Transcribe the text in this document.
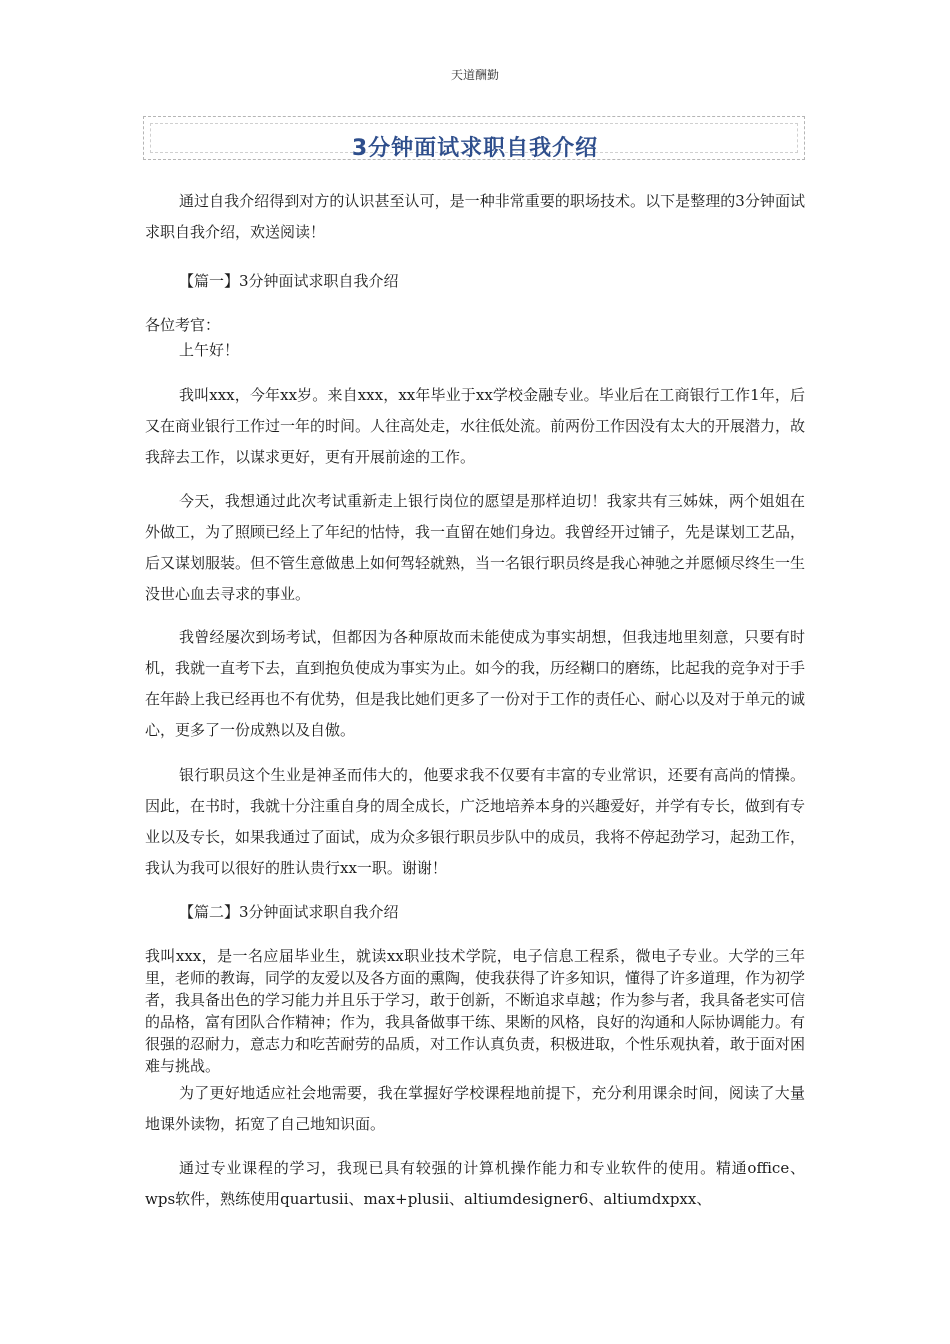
天道酬勤
3分钟面试求职自我介绍

通过自我介绍得到对方的认识甚至认可，是一种非常重要的职场技术。以下是整理的3分钟面试求职自我介绍，欢送阅读！

【篇一】3分钟面试求职自我介绍

各位考官：

上午好！

我叫xxx，今年xx岁。来自xxx，xx年毕业于xx学校金融专业。毕业后在工商银行工作1年，后又在商业银行工作过一年的时间。人往高处走，水往低处流。前两份工作因没有太大的开展潜力，故我辞去工作，以谋求更好，更有开展前途的工作。

今天，我想通过此次考试重新走上银行岗位的愿望是那样迫切！我家共有三姊妹，两个姐姐在外做工，为了照顾已经上了年纪的怙恃，我一直留在她们身边。我曾经开过铺子，先是谋划工艺品，后又谋划服装。但不管生意做患上如何驾轻就熟，当一名银行职员终是我心神驰之并愿倾尽终生一生没世心血去寻求的事业。

我曾经屡次到场考试，但都因为各种原故而未能使成为事实胡想，但我违地里刻意，只要有时机，我就一直考下去，直到抱负使成为事实为止。如今的我，历经糊口的磨练，比起我的竞争对于手在年龄上我已经再也不有优势，但是我比她们更多了一份对于工作的责任心、耐心以及对于单元的诚心，更多了一份成熟以及自傲。

银行职员这个生业是神圣而伟大的，他要求我不仅要有丰富的专业常识，还要有高尚的情操。因此，在书时，我就十分注重自身的周全成长，广泛地培养本身的兴趣爱好，并学有专长，做到有专业以及专长，如果我通过了面试，成为众多银行职员步队中的成员，我将不停起劲学习，起劲工作，我认为我可以很好的胜认贵行xx一职。谢谢！

【篇二】3分钟面试求职自我介绍

我叫xxx，是一名应届毕业生，就读xx职业技术学院，电子信息工程系，微电子专业。大学的三年里，老师的教诲，同学的友爱以及各方面的熏陶，使我获得了许多知识，懂得了许多道理，作为初学者，我具备出色的学习能力并且乐于学习，敢于创新，不断追求卓越；作为参与者，我具备老实可信的品格，富有团队合作精神；作为，我具备做事干练、果断的风格，良好的沟通和人际协调能力。有很强的忍耐力，意志力和吃苦耐劳的品质，对工作认真负责，积极进取，个性乐观执着，敢于面对困难与挑战。

为了更好地适应社会地需要，我在掌握好学校课程地前提下，充分利用课余时间，阅读了大量地课外读物，拓宽了自己地知识面。

通过专业课程的学习，我现已具有较强的计算机操作能力和专业软件的使用。精通office、wps软件，熟练使用quartusii、max+plusii、altiumdesigner6、altiumdxpxx、
